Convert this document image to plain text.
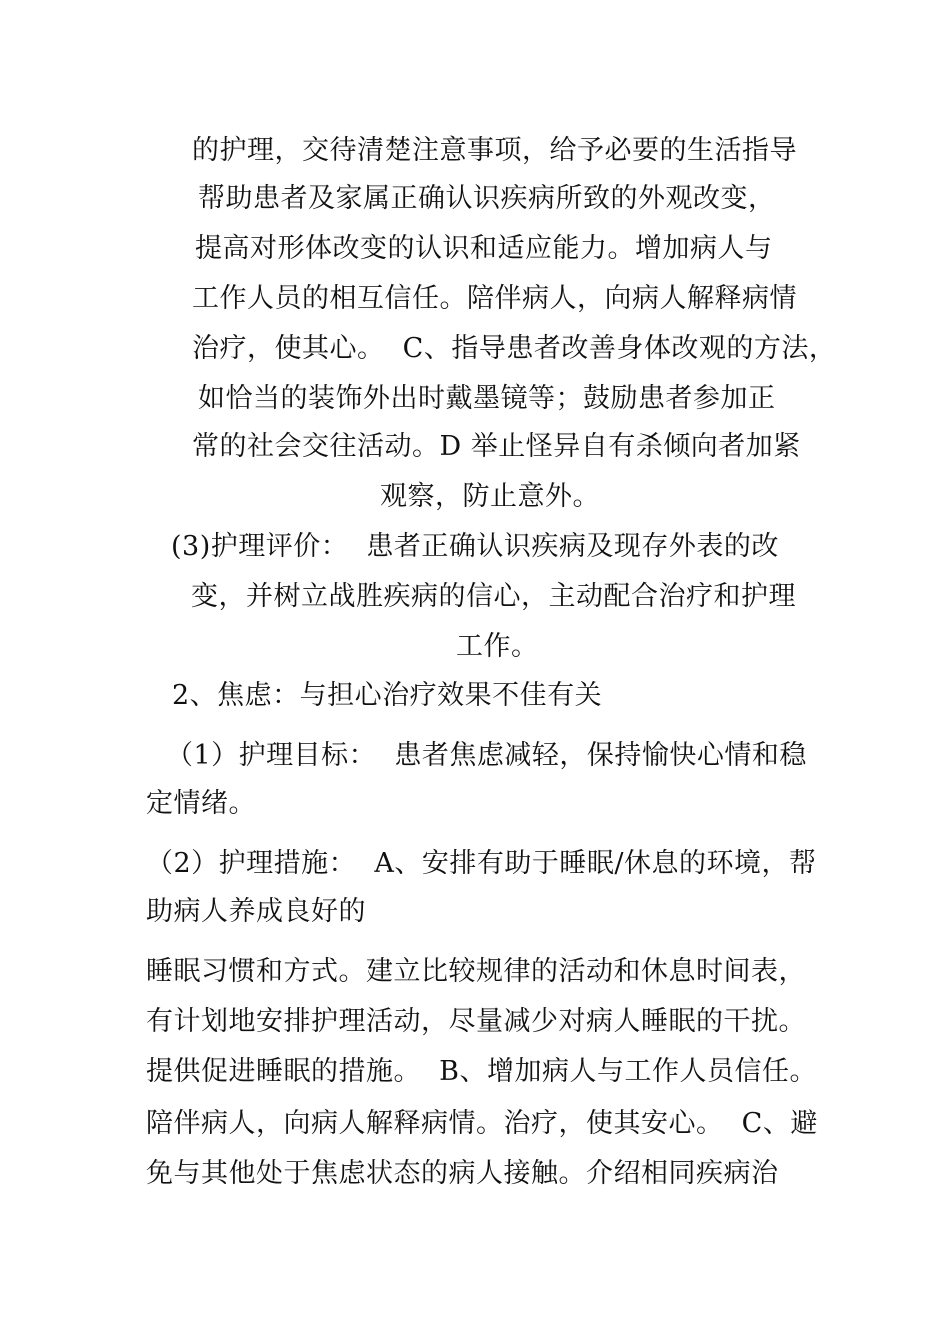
的护理，交待清楚注意事项，给予必要的生活指导
帮助患者及家属正确认识疾病所致的外观改变，
提高对形体改变的认识和适应能力。增加病人与
工作人员的相互信任。陪伴病人，向病人解释病情
治疗，使其心。  C、指导患者改善身体改观的方法，
如恰当的装饰外出时戴墨镜等；鼓励患者参加正
常的社会交往活动。D 举止怪异自有杀倾向者加紧
观察，防止意外。
(3)护理评价：  患者正确认识疾病及现存外表的改
变，并树立战胜疾病的信心，主动配合治疗和护理
工作。
2、焦虑：与担心治疗效果不佳有关
（1）护理目标：  患者焦虑减轻，保持愉快心情和稳
定情绪。
（2）护理措施：  A、安排有助于睡眠/休息的环境，帮
助病人养成良好的
睡眠习惯和方式。建立比较规律的活动和休息时间表，
有计划地安排护理活动，尽量减少对病人睡眠的干扰。
提供促进睡眠的措施。  B、增加病人与工作人员信任。
陪伴病人，向病人解释病情。治疗，使其安心。  C、避
免与其他处于焦虑状态的病人接触。介绍相同疾病治
